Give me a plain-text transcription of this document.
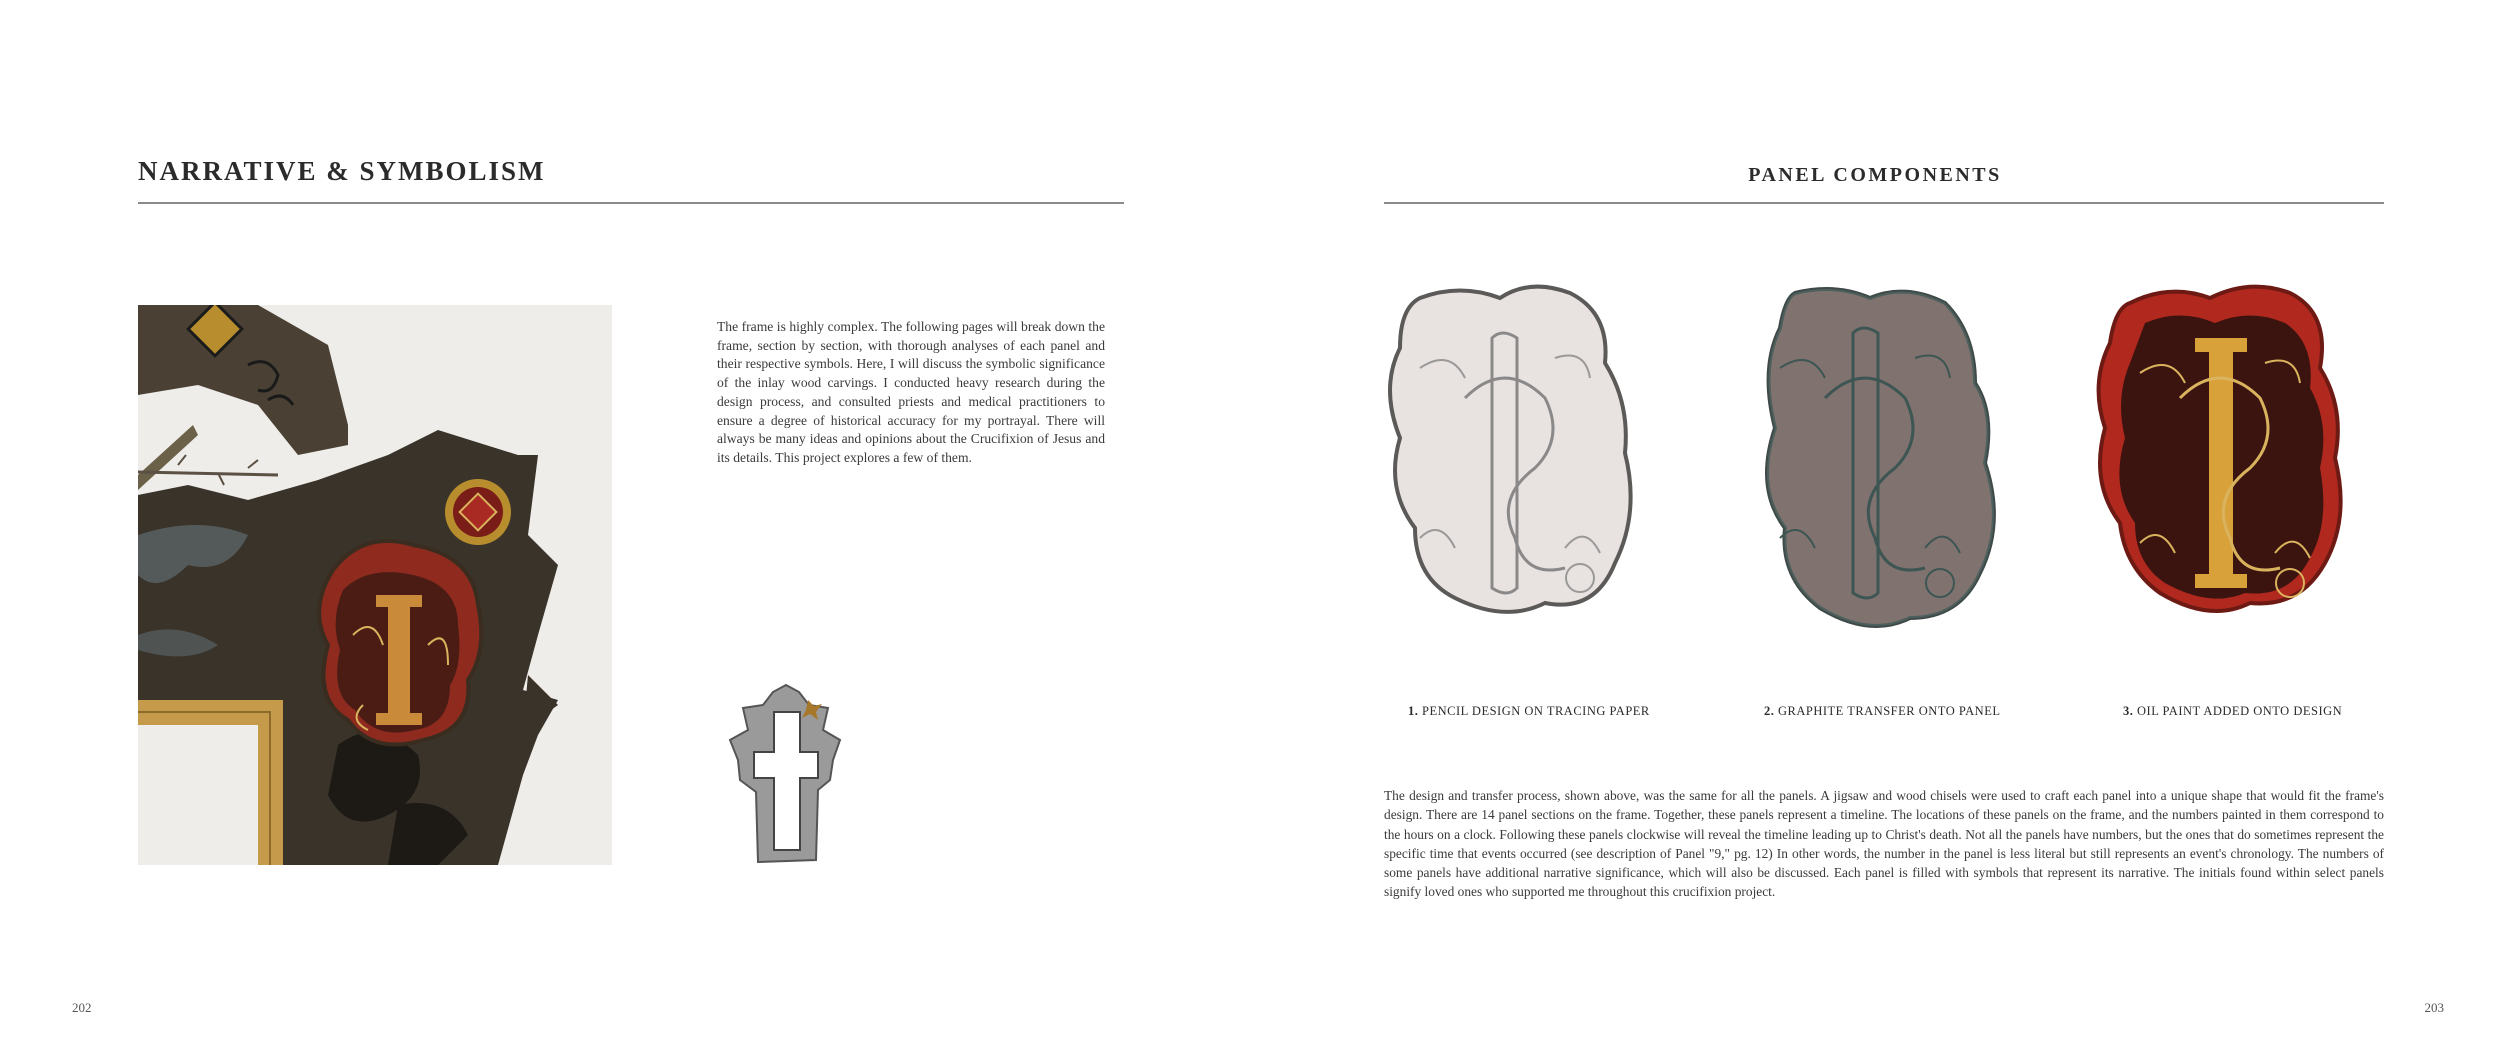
NARRATIVE & SYMBOLISM

The frame is highly complex. The following pages will break down the frame, section by section, with thorough analyses of each panel and their respective symbols. Here, I will discuss the symbolic significance of the inlay wood carvings. I conducted heavy research during the design process, and consulted priests and medical practitioners to ensure a degree of historical accuracy for my portrayal. There will always be many ideas and opinions about the Crucifixion of Jesus and its details. This project explores a few of them.

202
PANEL COMPONENTS
1. PENCIL DESIGN ON TRACING PAPER	2. GRAPHITE TRANSFER ONTO PANEL	3. OIL PAINT ADDED ONTO DESIGN

The design and transfer process, shown above, was the same for all the panels. A jigsaw and wood chisels were used to craft each panel into a unique shape that would fit the frame's design. There are 14 panel sections on the frame. Together, these panels represent a timeline. The locations of these panels on the frame, and the numbers painted in them correspond to the hours on a clock. Following these panels clockwise will reveal the timeline leading up to Christ's death. Not all the panels have numbers, but the ones that do sometimes represent the specific time that events occurred (see description of Panel "9," pg. 12) In other words, the number in the panel is less literal but still represents an event's chronology. The numbers of some panels have additional narrative significance, which will also be discussed. Each panel is filled with symbols that represent its narrative. The initials found within select panels signify loved ones who supported me throughout this crucifixion project.

203
